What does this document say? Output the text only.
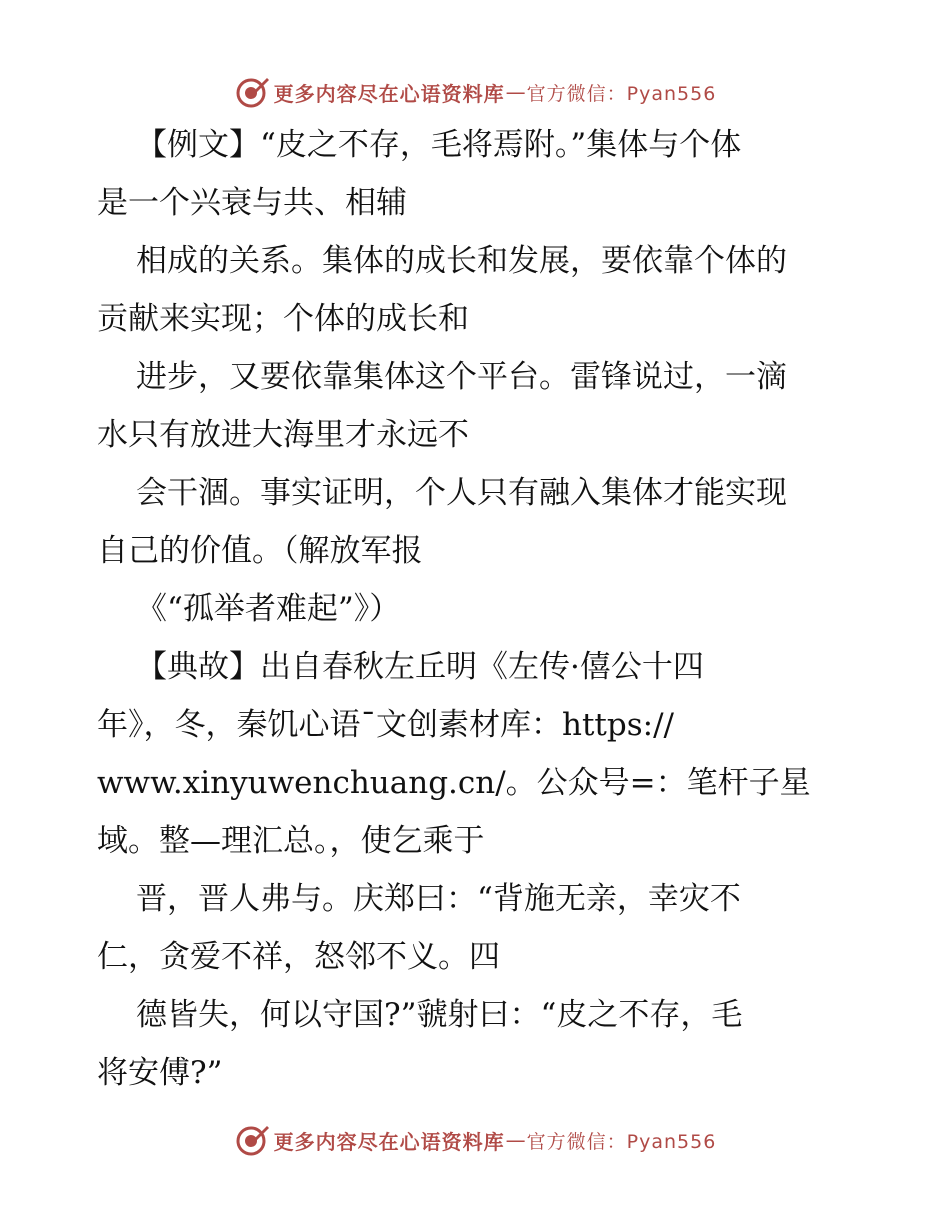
更多内容尽在心语资料库 — 官方微信：Pyan556
【例文】“皮之不存，毛将焉附。”集体与个体
是一个兴衰与共、相辅
相成的关系。集体的成长和发展，要依靠个体的
贡献来实现；个体的成长和
进步，又要依靠集体这个平台。雷锋说过，一滴
水只有放进大海里才永远不
会干涸。事实证明，个人只有融入集体才能实现
自己的价值。（解放军报
《“孤举者难起”》）
【典故】出自春秋左丘明《左传·僖公十四
年》，冬，秦饥心语¯文创素材库：https://
www.xinyuwenchuang.cn/。公众号=：笔杆子星
域。整—理汇总。，使乞乘于
晋，晋人弗与。庆郑曰：“背施无亲，幸灾不
仁，贪爱不祥，怒邻不义。四
德皆失，何以守国?”虢射曰：“皮之不存，毛
将安傅?”
更多内容尽在心语资料库 — 官方微信：Pyan556
